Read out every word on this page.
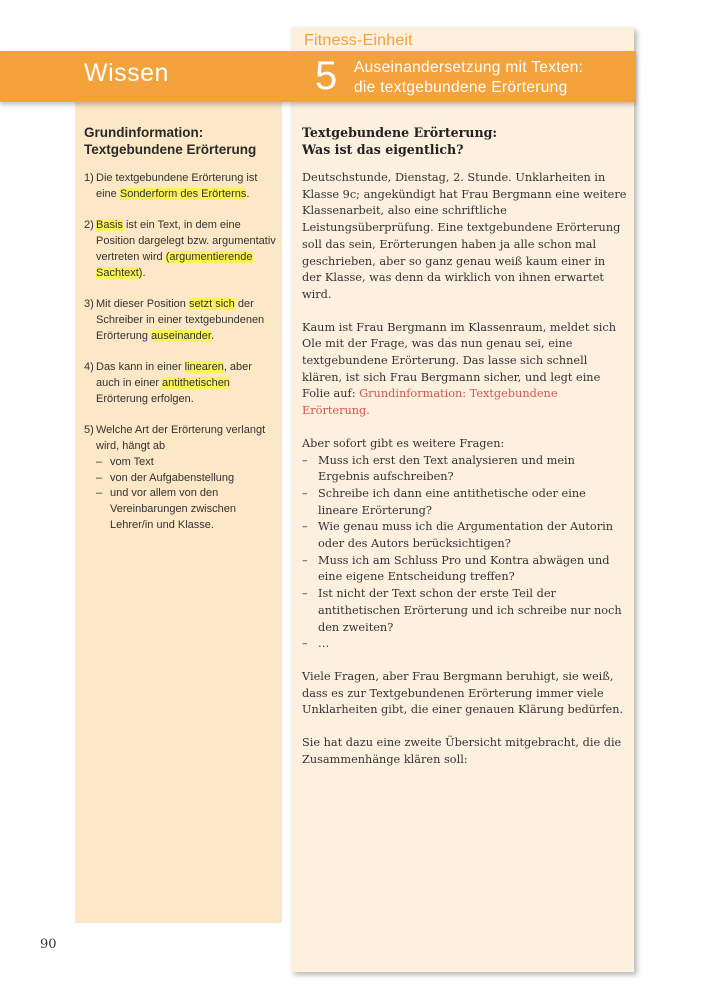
Fitness-Einheit
Wissen	5 Auseinandersetzung mit Texten:
die textgebundene Erörterung
Grundinformation:
Textgebundene Erörterung
1) Die textgebundene Erörterung ist eine Sonderform des Erörterns.
2) Basis ist ein Text, in dem eine Position dargelegt bzw. argumentativ vertreten wird (argumentierende Sachtext).
3) Mit dieser Position setzt sich der Schreiber in einer textgebundenen Erörterung auseinander.
4) Das kann in einer linearen, aber auch in einer antithetischen Erörterung erfolgen.
5) Welche Art der Erörterung verlangt wird, hängt ab
– vom Text
– von der Aufgabenstellung
– und vor allem von den Vereinbarungen zwischen Lehrer/in und Klasse.
Textgebundene Erörterung:
Was ist das eigentlich?

Deutschstunde, Dienstag, 2. Stunde. Unklarheiten in Klasse 9c; angekündigt hat Frau Bergmann eine weitere Klassenarbeit, also eine schriftliche Leistungsüberprüfung. Eine textgebundene Erörterung soll das sein, Erörterungen haben ja alle schon mal geschrieben, aber so ganz genau weiß kaum einer in der Klasse, was denn da wirklich von ihnen erwartet wird.

Kaum ist Frau Bergmann im Klassenraum, meldet sich Ole mit der Frage, was das nun genau sei, eine textgebundene Erörterung. Das lasse sich schnell klären, ist sich Frau Bergmann sicher, und legt eine Folie auf: Grundinformation: Textgebundene Erörterung.

Aber sofort gibt es weitere Fragen:
– Muss ich erst den Text analysieren und mein Ergebnis aufschreiben?
– Schreibe ich dann eine antithetische oder eine lineare Erörterung?
– Wie genau muss ich die Argumentation der Autorin oder des Autors berücksichtigen?
– Muss ich am Schluss Pro und Kontra abwägen und eine eigene Entscheidung treffen?
– Ist nicht der Text schon der erste Teil der antithetischen Erörterung und ich schreibe nur noch den zweiten?
– …

Viele Fragen, aber Frau Bergmann beruhigt, sie weiß, dass es zur Textgebundenen Erörterung immer viele Unklarheiten gibt, die einer genauen Klärung bedürfen.

Sie hat dazu eine zweite Übersicht mitgebracht, die die Zusammenhänge klären soll:

90
